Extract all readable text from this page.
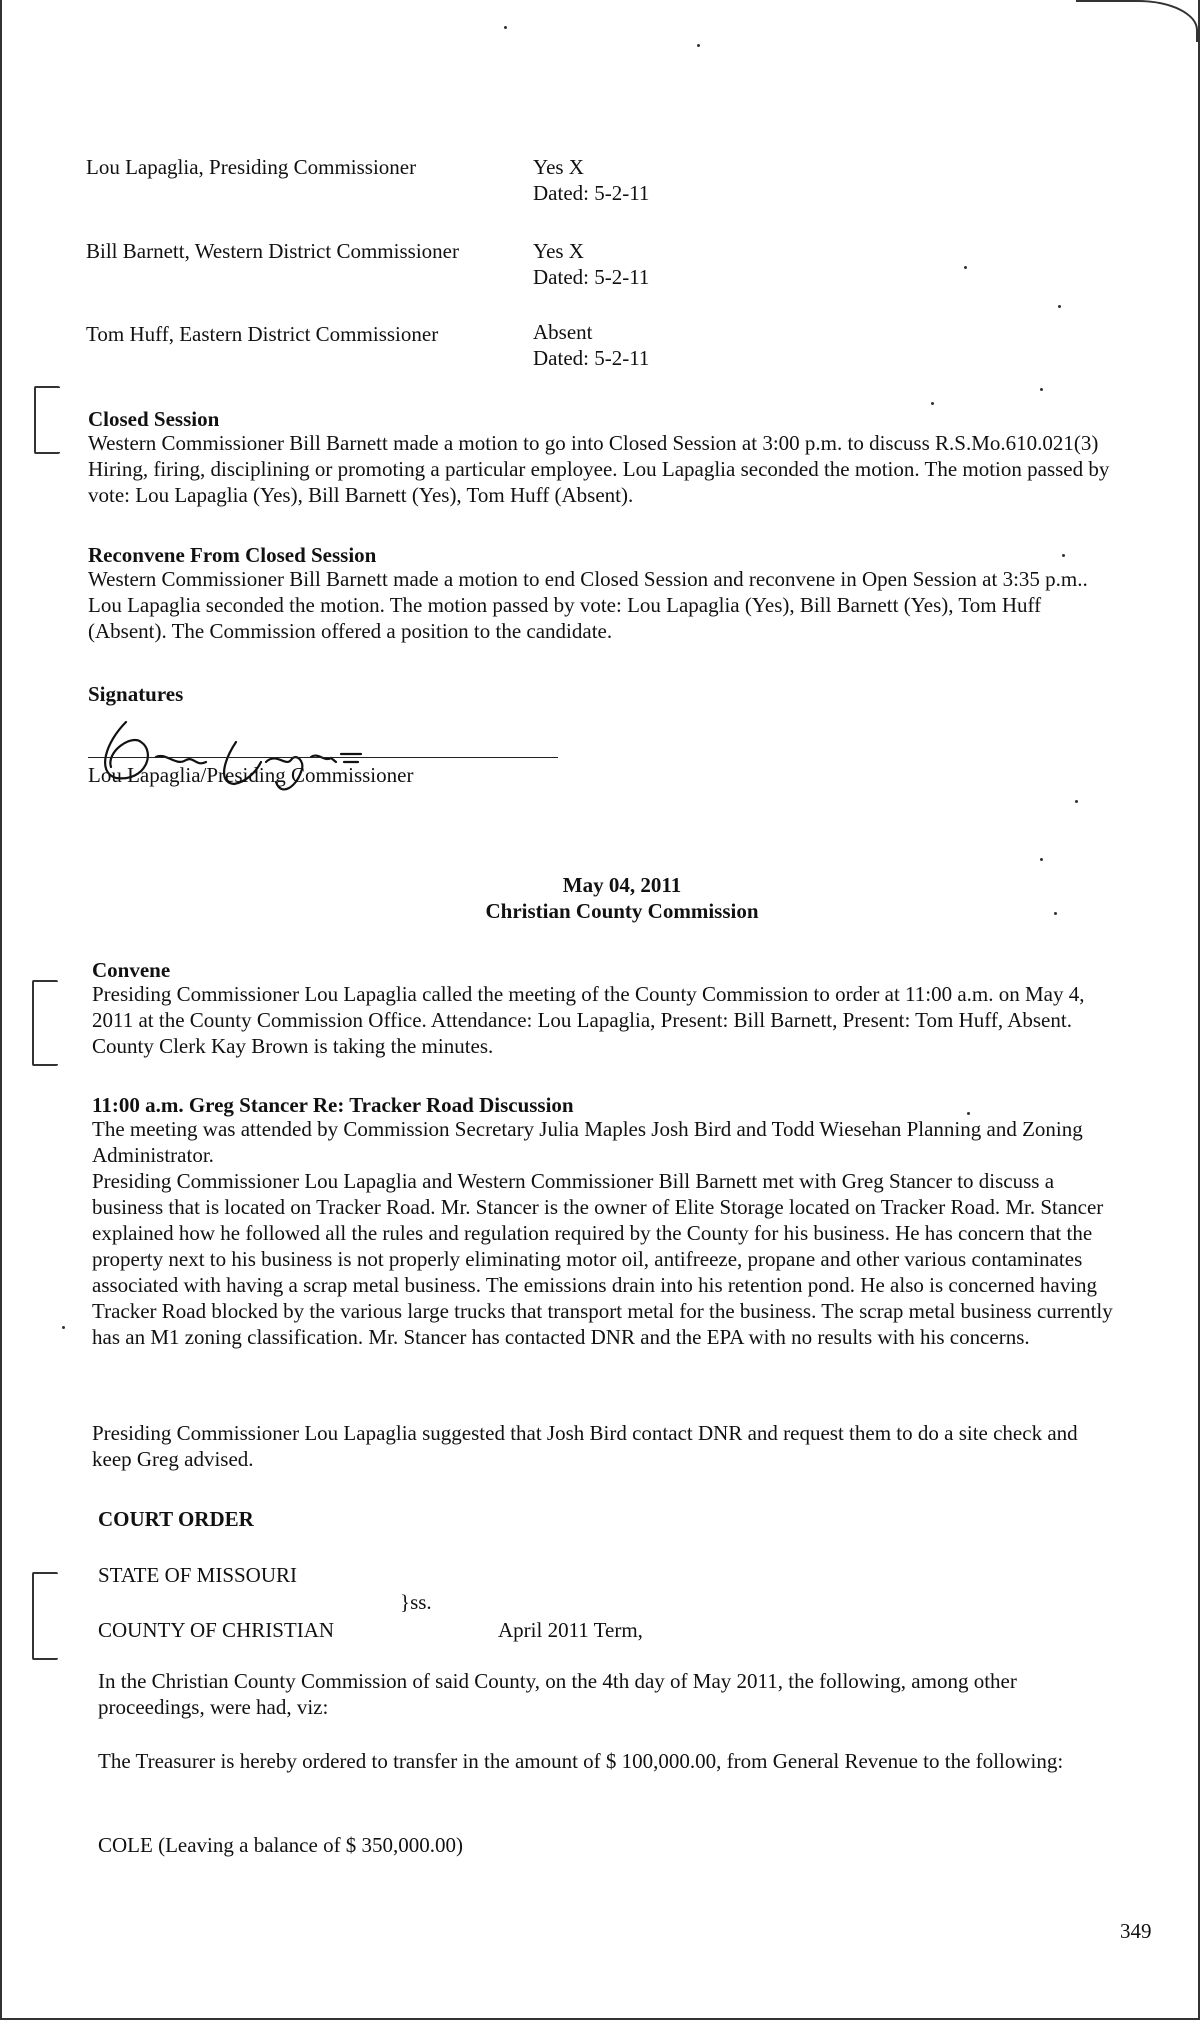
Lou Lapaglia, Presiding Commissioner	Yes X
Dated: 5-2-11
Bill Barnett, Western District Commissioner	Yes X
Dated: 5-2-11
Tom Huff, Eastern District Commissioner	Absent
Dated: 5-2-11
Closed Session
Western Commissioner Bill Barnett made a motion to go into Closed Session at 3:00 p.m. to discuss R.S.Mo.610.021(3) Hiring, firing, disciplining or promoting a particular employee. Lou Lapaglia seconded the motion. The motion passed by vote: Lou Lapaglia (Yes), Bill Barnett (Yes), Tom Huff (Absent).
Reconvene From Closed Session
Western Commissioner Bill Barnett made a motion to end Closed Session and reconvene in Open Session at 3:35 p.m.. Lou Lapaglia seconded the motion. The motion passed by vote: Lou Lapaglia (Yes), Bill Barnett (Yes), Tom Huff (Absent). The Commission offered a position to the candidate.
Signatures
Lou Lapaglia/Presiding Commissioner
May 04, 2011
Christian County Commission
Convene
Presiding Commissioner Lou Lapaglia called the meeting of the County Commission to order at 11:00 a.m. on May 4, 2011 at the County Commission Office. Attendance: Lou Lapaglia, Present: Bill Barnett, Present: Tom Huff, Absent. County Clerk Kay Brown is taking the minutes.
11:00 a.m. Greg Stancer Re: Tracker Road Discussion
The meeting was attended by Commission Secretary Julia Maples Josh Bird and Todd Wiesehan Planning and Zoning Administrator.
Presiding Commissioner Lou Lapaglia and Western Commissioner Bill Barnett met with Greg Stancer to discuss a business that is located on Tracker Road. Mr. Stancer is the owner of Elite Storage located on Tracker Road. Mr. Stancer explained how he followed all the rules and regulation required by the County for his business. He has concern that the property next to his business is not properly eliminating motor oil, antifreeze, propane and other various contaminates associated with having a scrap metal business. The emissions drain into his retention pond. He also is concerned having Tracker Road blocked by the various large trucks that transport metal for the business. The scrap metal business currently has an M1 zoning classification. Mr. Stancer has contacted DNR and the EPA with no results with his concerns.
Presiding Commissioner Lou Lapaglia suggested that Josh Bird contact DNR and request them to do a site check and keep Greg advised.
COURT ORDER
STATE OF MISSOURI
}ss.
COUNTY OF CHRISTIAN	April 2011 Term,
In the Christian County Commission of said County, on the 4th day of May 2011, the following, among other proceedings, were had, viz:
The Treasurer is hereby ordered to transfer in the amount of $ 100,000.00, from General Revenue to the following:
COLE (Leaving a balance of $ 350,000.00)
349
